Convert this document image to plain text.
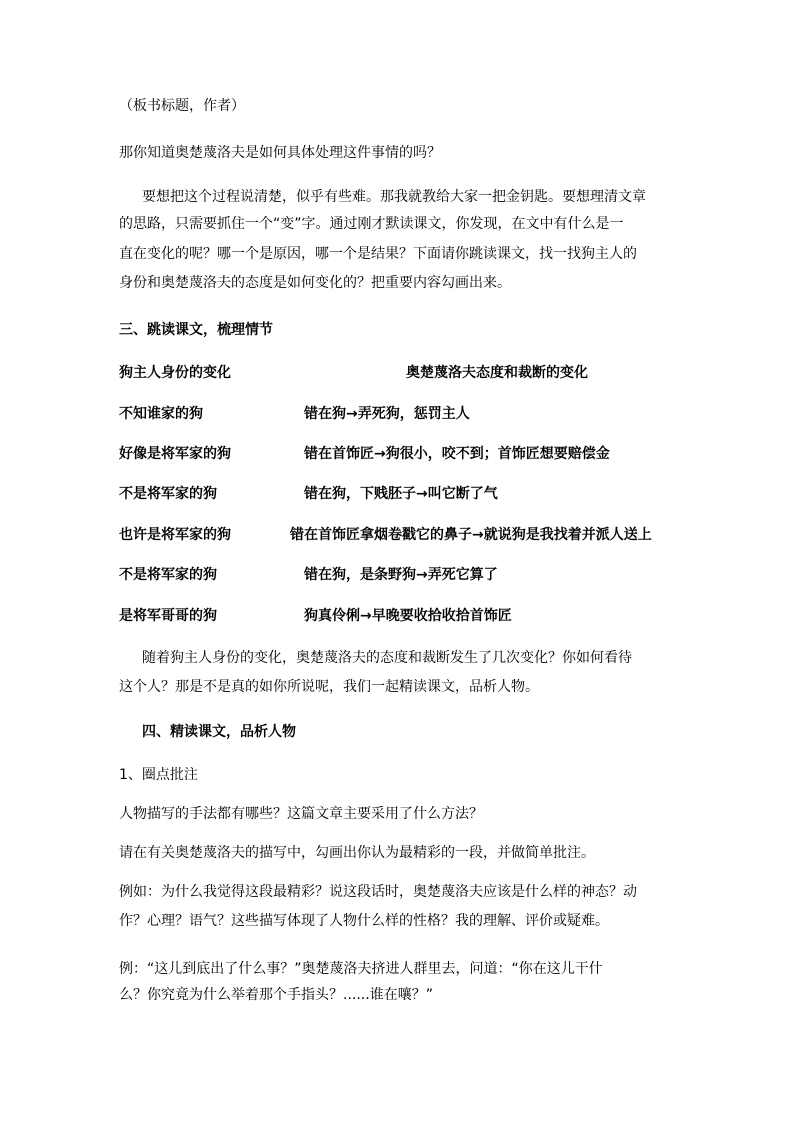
（板书标题，作者）
那你知道奥楚蔑洛夫是如何具体处理这件事情的吗？
要想把这个过程说清楚，似乎有些难。那我就教给大家一把金钥匙。要想理清文章
的思路，只需要抓住一个“变”字。通过刚才默读课文，你发现，在文中有什么是一
直在变化的呢？哪一个是原因，哪一个是结果？下面请你跳读课文，找一找狗主人的
身份和奥楚蔑洛夫的态度是如何变化的？把重要内容勾画出来。
三、跳读课文，梳理情节
狗主人身份的变化	奥楚蔑洛夫态度和裁断的变化
不知谁家的狗	错在狗→弄死狗，惩罚主人
好像是将军家的狗	错在首饰匠→狗很小，咬不到；首饰匠想要赔偿金
不是将军家的狗	错在狗，下贱胚子→叫它断了气
也许是将军家的狗	错在首饰匠拿烟卷戳它的鼻子→就说狗是我找着并派人送上
不是将军家的狗	错在狗，是条野狗→弄死它算了
是将军哥哥的狗	狗真伶俐→早晚要收拾收拾首饰匠
随着狗主人身份的变化，奥楚蔑洛夫的态度和裁断发生了几次变化？你如何看待
这个人？那是不是真的如你所说呢，我们一起精读课文，品析人物。
四、精读课文，品析人物
1、圈点批注
人物描写的手法都有哪些？这篇文章主要采用了什么方法？
请在有关奥楚蔑洛夫的描写中，勾画出你认为最精彩的一段，并做简单批注。
例如：为什么我觉得这段最精彩？说这段话时，奥楚蔑洛夫应该是什么样的神态？动
作？心理？语气？这些描写体现了人物什么样的性格？我的理解、评价或疑难。
例：“这儿到底出了什么事？”奥楚蔑洛夫挤进人群里去，问道：“你在这儿干什
么？你究竟为什么举着那个手指头？......谁在嚷？”
